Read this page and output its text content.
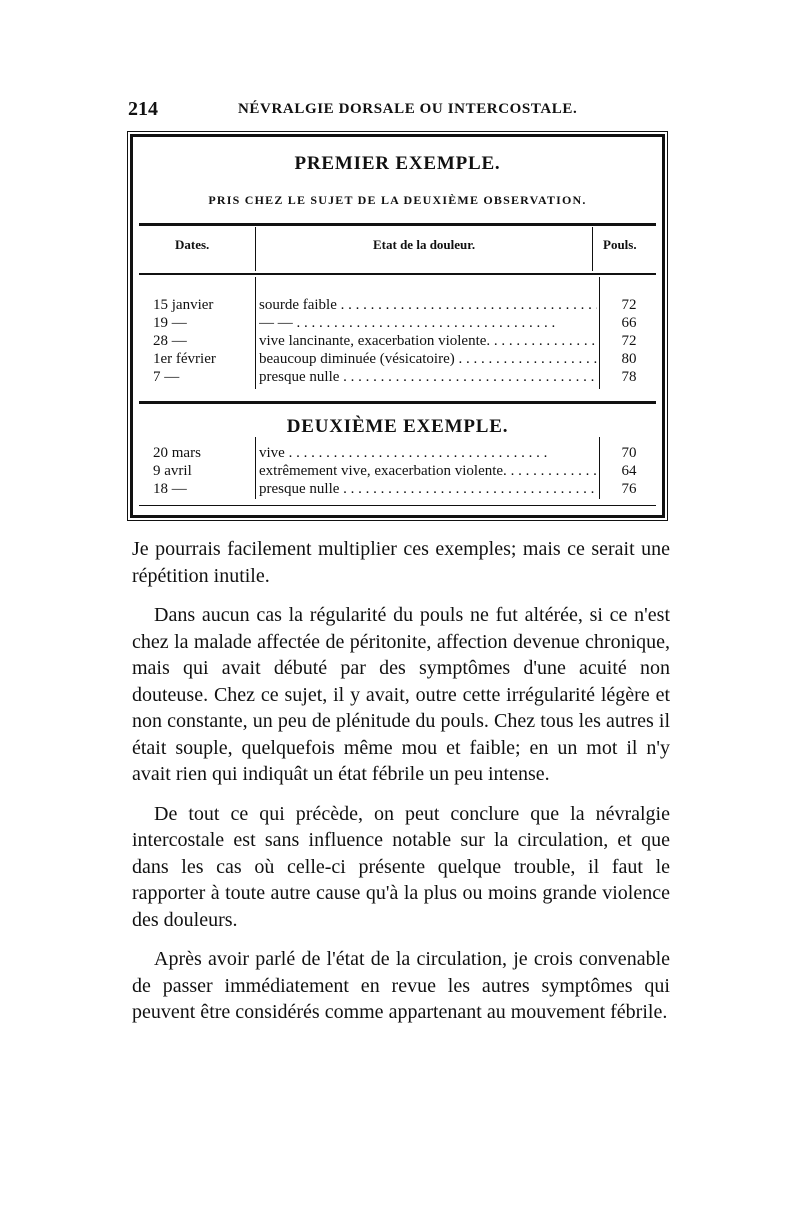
214	NÉVRALGIE DORSALE OU INTERCOSTALE.
PREMIER EXEMPLE.
PRIS CHEZ LE SUJET DE LA DEUXIÈME OBSERVATION.
Dates.	Etat de la douleur.	Pouls.
15 janvier	sourde faible . . .	72
19 —	— — . . .	66
28 —	vive lancinante, exacerbation violente. . . .	72
1er février	beaucoup diminuée (vésicatoire) . . .	80
7 —	presque nulle . . .	78
DEUXIÈME EXEMPLE.
20 mars	vive . . .	70
9 avril	extrêmement vive, exacerbation violente. . . .	64
18 —	presque nulle . . .	76

Je pourrais facilement multiplier ces exemples; mais ce serait une répétition inutile.

Dans aucun cas la régularité du pouls ne fut altérée, si ce n'est chez la malade affectée de péritonite, affection devenue chronique, mais qui avait débuté par des symptômes d'une acuité non douteuse. Chez ce sujet, il y avait, outre cette irrégularité légère et non constante, un peu de plénitude du pouls. Chez tous les autres il était souple, quelquefois même mou et faible; en un mot il n'y avait rien qui indiquât un état fébrile un peu intense.

De tout ce qui précède, on peut conclure que la névralgie intercostale est sans influence notable sur la circulation, et que dans les cas où celle-ci présente quelque trouble, il faut le rapporter à toute autre cause qu'à la plus ou moins grande violence des douleurs.

Après avoir parlé de l'état de la circulation, je crois convenable de passer immédiatement en revue les autres symptômes qui peuvent être considérés comme appartenant au mouvement fébrile.
